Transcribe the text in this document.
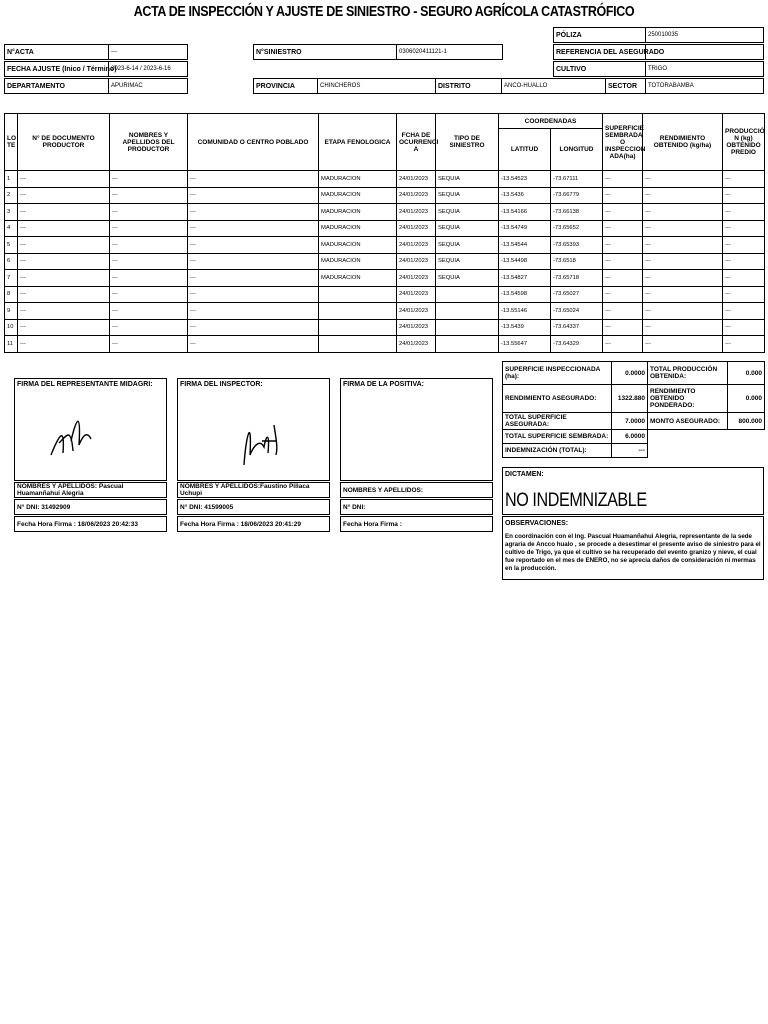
ACTA DE INSPECCIÓN Y AJUSTE DE SINIESTRO - SEGURO AGRÍCOLA CATASTRÓFICO
PÓLIZA	250010035
N°ACTA	---	N°SINIESTRO	0306020411121-1	REFERENCIA DEL ASEGURADO
FECHA AJUSTE (Inico / Término)
2023-6-14 / 2023-6-16	CULTIVO	TRIGO
DEPARTAMENTO	APURIMAC	PROVINCIA	CHINCHEROS	DISTRITO	ANCO-HUALLO	SECTOR	TOTORABAMBA
LO TE	N° DE DOCUMENTO PRODUCTOR	NOMBRES Y APELLIDOS DEL PRODUCTOR	COMUNIDAD O CENTRO POBLADO	ETAPA FENOLOGICA	FCHA DE OCURRENCI A	TIPO DE SINIESTRO	COORDENADAS		SUPERFICIE SEMBRADA O INSPECCION ADA(ha)	RENDIMIENTO OBTENIDO (kg/ha)	PRODUCCIÓ N (kg) OBTENIDO PREDIO
							LATITUD	LONGITUD			
1	---	---	---	MADURACION	24/01/2023	SEQUIA	-13.54523	-73.67111	---	---	---
2	---	---	---	MADURACION	24/01/2023	SEQUIA	-13.5436	-73.66779	---	---	---
3	---	---	---	MADURACION	24/01/2023	SEQUIA	-13.54166	-73.66138	---	---	---
4	---	---	---	MADURACION	24/01/2023	SEQUIA	-13.54749	-73.65652	---	---	---
5	---	---	---	MADURACION	24/01/2023	SEQUIA	-13.54544	-73.65393	---	---	---
6	---	---	---	MADURACION	24/01/2023	SEQUIA	-13.54498	-73.6518	---	---	---
7	---	---	---	MADURACION	24/01/2023	SEQUIA	-13.54827	-73.65718	---	---	---
8	---	---	---		24/01/2023		-13.54598	-73.65027	---	---	---
9	---	---	---		24/01/2023		-13.55146	-73.65024	---	---	---
10	---	---	---		24/01/2023		-13.5439	-73.64337	---	---	---
11	---	---	---		24/01/2023		-13.55647	-73.64329	---	---	---
FIRMA DEL REPRESENTANTE MIDAGRI:
NOMBRES Y APELLIDOS: Pascual Huamanñahui Alegria
N° DNI: 31492909
Fecha Hora Firma : 18/06/2023 20:42:33
FIRMA DEL INSPECTOR:
NOMBRES Y APELLIDOS:Faustino Pillaca Uchupi
N° DNI: 41599005
Fecha Hora Firma : 18/06/2023 20:41:29
FIRMA DE LA POSITIVA:
NOMBRES Y APELLIDOS:
N° DNI:
Fecha Hora Firma :
SUPERFICIE INSPECCIONADA (ha):	0.0000	TOTAL PRODUCCIÓN OBTENIDA:	0.000
RENDIMIENTO ASEGURADO:	1322.880	RENDIMIENTO OBTENIDO PONDERADO:	0.000
TOTAL SUPERFICIE ASEGURADA:	7.0000	MONTO ASEGURADO:	800.000
TOTAL SUPERFICIE SEMBRADA:	6.0000		
INDEMNIZACIÓN (TOTAL):	---		
DICTAMEN:
NO INDEMNIZABLE
OBSERVACIONES:
En coordinación con el Ing. Pascual Huamanñahui Alegria, representante de la sede agraria de Ancco hualo , se procede a desestimar el presente aviso de siniestro para el cultivo de Trigo, ya que el cultivo se ha recuperado del evento granizo y nieve, el cual fue reportado en el mes de ENERO, no se aprecia daños de consideración ni mermas en la producción.
